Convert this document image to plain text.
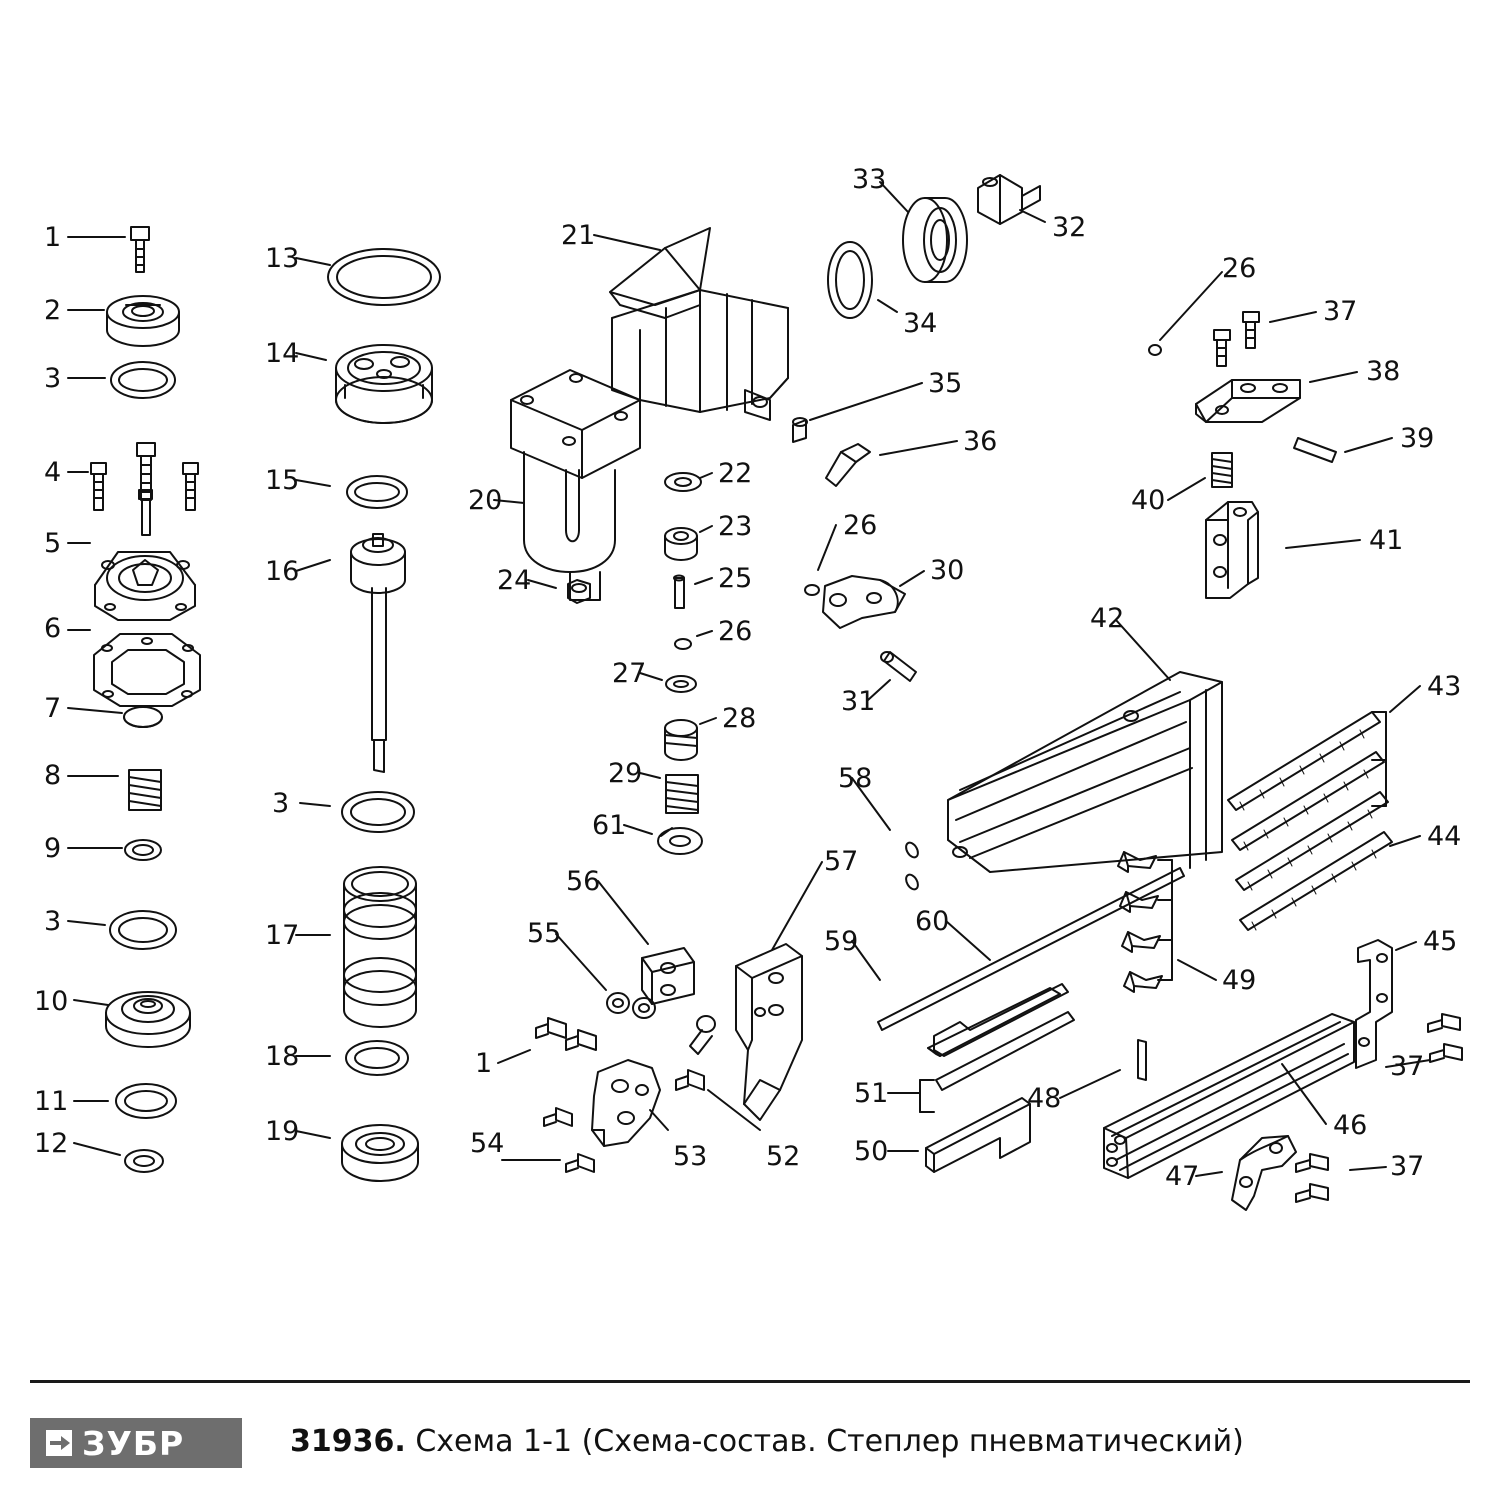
1
2
3
4
5
6
7
8
9
3
10
11
12
13
14
15
16
3
17
18
19
20
21
22
23
24	25
26
27
28
29
61
26
30
31
32
33
34
35
36
26
37
38
39
40
41
42
43
44
45
46
47	37
37
48
49
50
51
52
53
54
55
56
57
58
59
60
1
ЗУБР	31936. Схема 1-1 (Схема-состав. Степлер пневматический)
